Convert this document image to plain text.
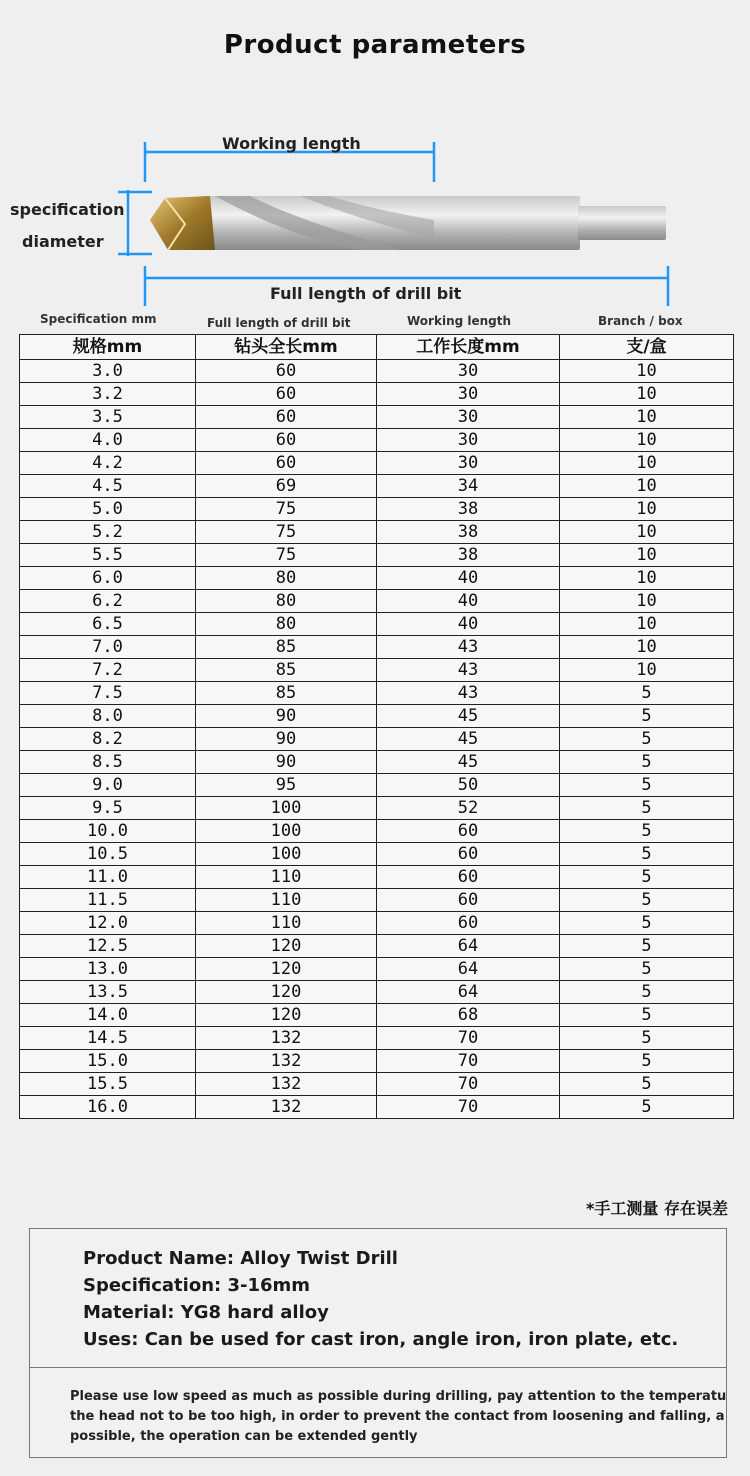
Product parameters
Working length
specification
diameter
Full length of drill bit
Specification mm	Full length of drill bit	Working length	Branch / box
规格mm	钻头全长mm	工作长度mm	支/盒
3.0	60	30	10
3.2	60	30	10
3.5	60	30	10
4.0	60	30	10
4.2	60	30	10
4.5	69	34	10
5.0	75	38	10
5.2	75	38	10
5.5	75	38	10
6.0	80	40	10
6.2	80	40	10
6.5	80	40	10
7.0	85	43	10
7.2	85	43	10
7.5	85	43	5
8.0	90	45	5
8.2	90	45	5
8.5	90	45	5
9.0	95	50	5
9.5	100	52	5
10.0	100	60	5
10.5	100	60	5
11.0	110	60	5
11.5	110	60	5
12.0	110	60	5
12.5	120	64	5
13.0	120	64	5
13.5	120	64	5
14.0	120	68	5
14.5	132	70	5
15.0	132	70	5
15.5	132	70	5
16.0	132	70	5
*手工测量 存在误差
Product Name: Alloy Twist Drill
Specification: 3-16mm
Material: YG8 hard alloy
Uses: Can be used for cast iron, angle iron, iron plate, etc.
Please use low speed as much as possible during drilling, pay attention to the temperatu
the head not to be too high, in order to prevent the contact from loosening and falling, a
possible, the operation can be extended gently
